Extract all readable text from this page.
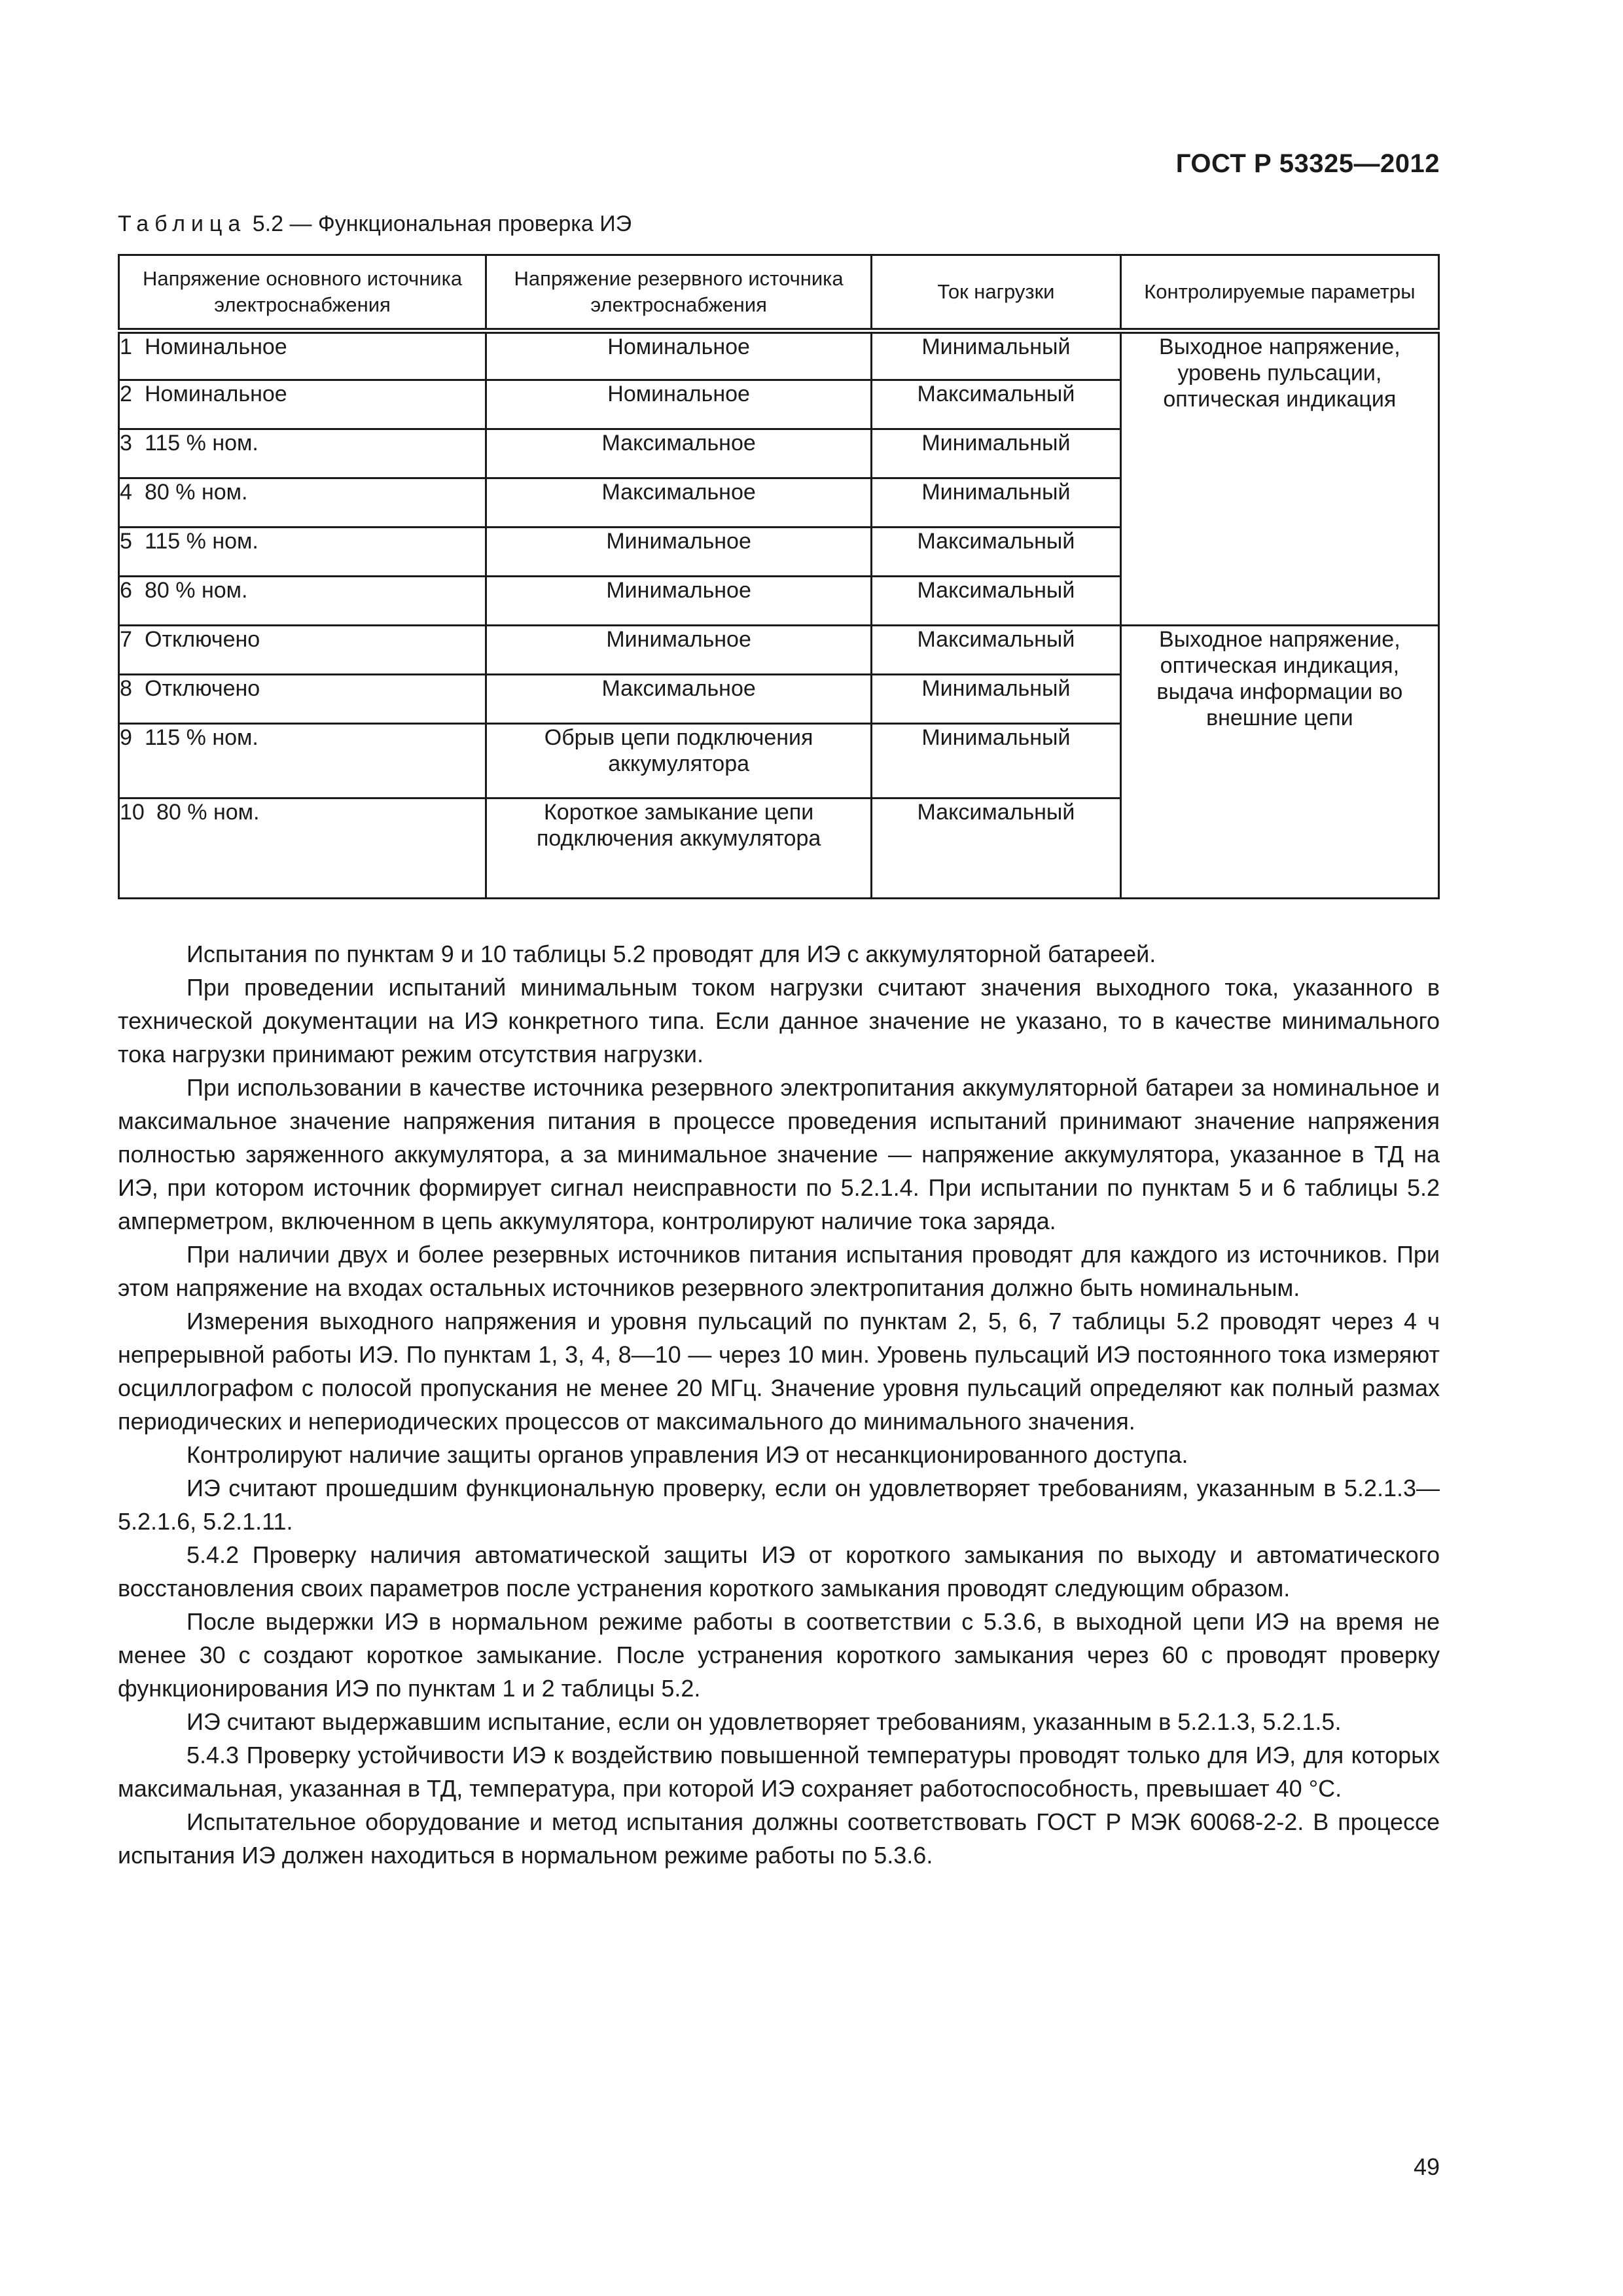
ГОСТ Р 53325—2012
Таблица 5.2 — Функциональная проверка ИЭ
Напряжение основного источника электроснабжения	Напряжение резервного источника электроснабжения	Ток нагрузки	Контролируемые параметры
1 Номинальное	Номинальное	Минимальный	Выходное напряжение, уровень пульсации, оптическая индикация
2 Номинальное	Номинальное	Максимальный	
3 115 % ном.	Максимальное	Минимальный	
4 80 % ном.	Максимальное	Минимальный	
5 115 % ном.	Минимальное	Максимальный	
6 80 % ном.	Минимальное	Максимальный	
7 Отключено	Минимальное	Максимальный	Выходное напряжение, оптическая индикация, выдача информации во внешние цепи
8 Отключено	Максимальное	Минимальный	
9 115 % ном.	Обрыв цепи подключения аккумулятора	Минимальный	
10 80 % ном.	Короткое замыкание цепи подключения аккумулятора	Максимальный	

Испытания по пунктам 9 и 10 таблицы 5.2 проводят для ИЭ с аккумуляторной батареей.

При проведении испытаний минимальным током нагрузки считают значения выходного тока, указанного в технической документации на ИЭ конкретного типа. Если данное значение не указано, то в качестве минимального тока нагрузки принимают режим отсутствия нагрузки.

При использовании в качестве источника резервного электропитания аккумуляторной батареи за номинальное и максимальное значение напряжения питания в процессе проведения испытаний принимают значение напряжения полностью заряженного аккумулятора, а за минимальное значение — напряжение аккумулятора, указанное в ТД на ИЭ, при котором источник формирует сигнал неисправности по 5.2.1.4. При испытании по пунктам 5 и 6 таблицы 5.2 амперметром, включенном в цепь аккумулятора, контролируют наличие тока заряда.

При наличии двух и более резервных источников питания испытания проводят для каждого из источников. При этом напряжение на входах остальных источников резервного электропитания должно быть номинальным.

Измерения выходного напряжения и уровня пульсаций по пунктам 2, 5, 6, 7 таблицы 5.2 проводят через 4 ч непрерывной работы ИЭ. По пунктам 1, 3, 4, 8—10 — через 10 мин. Уровень пульсаций ИЭ постоянного тока измеряют осциллографом с полосой пропускания не менее 20 МГц. Значение уровня пульсаций определяют как полный размах периодических и непериодических процессов от максимального до минимального значения.

Контролируют наличие защиты органов управления ИЭ от несанкционированного доступа.

ИЭ считают прошедшим функциональную проверку, если он удовлетворяет требованиям, указанным в 5.2.1.3—5.2.1.6, 5.2.1.11.

5.4.2 Проверку наличия автоматической защиты ИЭ от короткого замыкания по выходу и автоматического восстановления своих параметров после устранения короткого замыкания проводят следующим образом.

После выдержки ИЭ в нормальном режиме работы в соответствии с 5.3.6, в выходной цепи ИЭ на время не менее 30 с создают короткое замыкание. После устранения короткого замыкания через 60 с проводят проверку функционирования ИЭ по пунктам 1 и 2 таблицы 5.2.

ИЭ считают выдержавшим испытание, если он удовлетворяет требованиям, указанным в 5.2.1.3, 5.2.1.5.

5.4.3 Проверку устойчивости ИЭ к воздействию повышенной температуры проводят только для ИЭ, для которых максимальная, указанная в ТД, температура, при которой ИЭ сохраняет работоспособность, превышает 40 °С.

Испытательное оборудование и метод испытания должны соответствовать ГОСТ Р МЭК 60068-2-2. В процессе испытания ИЭ должен находиться в нормальном режиме работы по 5.3.6.

49
